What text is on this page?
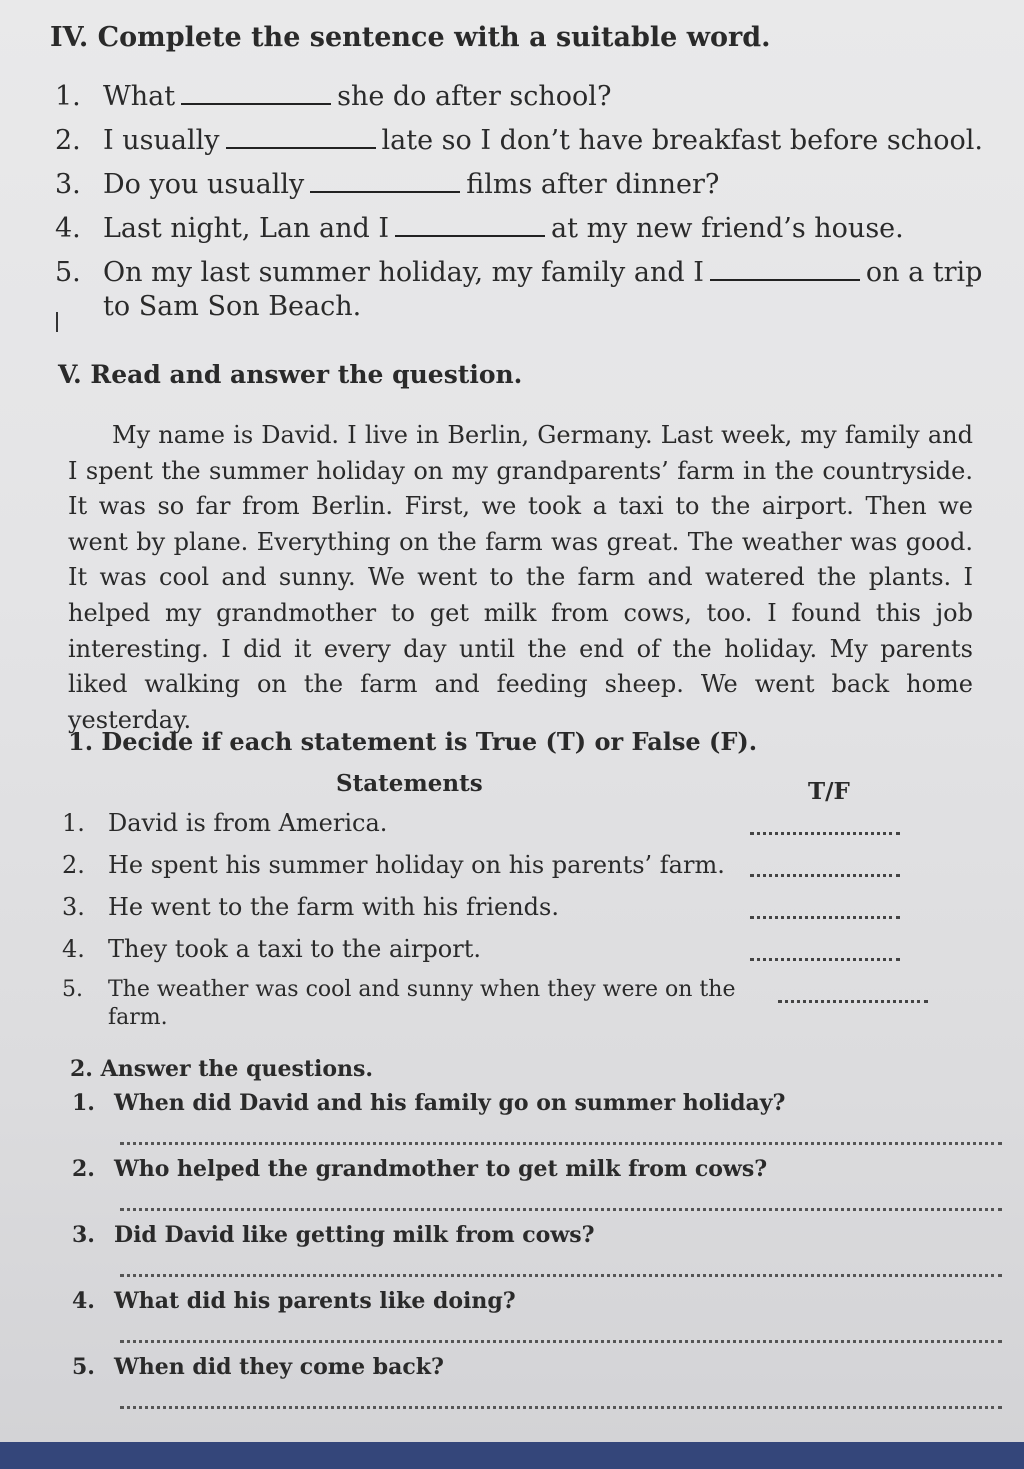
IV. Complete the sentence with a suitable word.
1. What	she do after school?
2. I usually	late so I don’t have breakfast before school.
3. Do you usually	films after dinner?
4. Last night, Lan and I	at my new friend’s house.
5. On my last summer holiday, my family and I	on a trip to Sam Son Beach.
V. Read and answer the question.

My name is David. I live in Berlin, Germany. Last week, my family and I spent the summer holiday on my grandparents’ farm in the countryside. It was so far from Berlin. First, we took a taxi to the airport. Then we went by plane. Everything on the farm was great. The weather was good. It was cool and sunny. We went to the farm and watered the plants. I helped my grandmother to get milk from cows, too. I found this job interesting. I did it every day until the end of the holiday. My parents liked walking on the farm and feeding sheep. We went back home yesterday.

1. Decide if each statement is True (T) or False (F).
Statements	T/F
1. David is from America.
2. He spent his summer holiday on his parents’ farm.
3. He went to the farm with his friends.
4. They took a taxi to the airport.
5.	The weather was cool and sunny when they were on the farm.
2. Answer the questions.
1. When did David and his family go on summer holiday?
2. Who helped the grandmother to get milk from cows?
3. Did David like getting milk from cows?
4. What did his parents like doing?
5. When did they come back?
